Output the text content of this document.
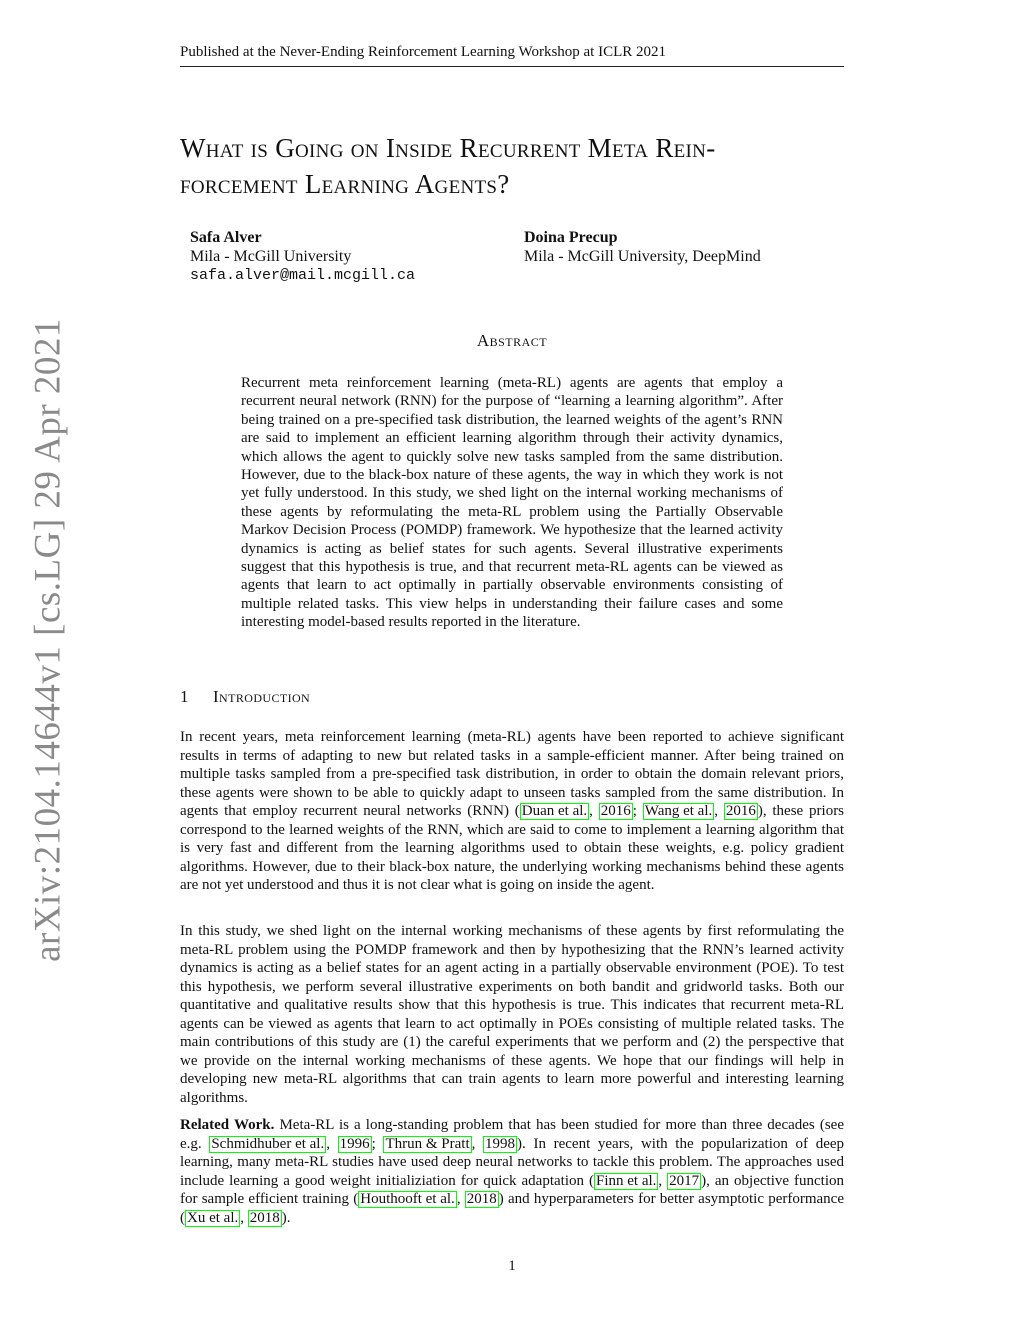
Published at the Never-Ending Reinforcement Learning Workshop at ICLR 2021
What is Going on Inside Recurrent Meta Rein-
forcement Learning Agents?
Safa Alver
Mila - McGill University
safa.alver@mail.mcgill.ca
Doina Precup
Mila - McGill University, DeepMind
Abstract
Recurrent meta reinforcement learning (meta-RL) agents are agents that employ a recurrent neural network (RNN) for the purpose of “learning a learning algorithm”. After being trained on a pre-specified task distribution, the learned weights of the agent’s RNN are said to implement an efficient learning algorithm through their activity dynamics, which allows the agent to quickly solve new tasks sampled from the same distribution. However, due to the black-box nature of these agents, the way in which they work is not yet fully understood. In this study, we shed light on the internal working mechanisms of these agents by reformulating the meta-RL problem using the Partially Observable Markov Decision Process (POMDP) framework. We hypothesize that the learned activity dynamics is acting as belief states for such agents. Several illustrative experiments suggest that this hypothesis is true, and that recurrent meta-RL agents can be viewed as agents that learn to act optimally in partially observable environments consisting of multiple related tasks. This view helps in understanding their failure cases and some interesting model-based results reported in the literature.
1 Introduction

In recent years, meta reinforcement learning (meta-RL) agents have been reported to achieve significant results in terms of adapting to new but related tasks in a sample-efficient manner. After being trained on multiple tasks sampled from a pre-specified task distribution, in order to obtain the domain relevant priors, these agents were shown to be able to quickly adapt to unseen tasks sampled from the same distribution. In agents that employ recurrent neural networks (RNN) ( Duan et al. , 2016 ; Wang et al. , 2016 ), these priors correspond to the learned weights of the RNN, which are said to come to implement a learning algorithm that is very fast and different from the learning algorithms used to obtain these weights, e.g. policy gradient algorithms. However, due to their black-box nature, the underlying working mechanisms behind these agents are not yet understood and thus it is not clear what is going on inside the agent.

In this study, we shed light on the internal working mechanisms of these agents by first reformulating the meta-RL problem using the POMDP framework and then by hypothesizing that the RNN’s learned activity dynamics is acting as a belief states for an agent acting in a partially observable environment (POE). To test this hypothesis, we perform several illustrative experiments on both bandit and gridworld tasks. Both our quantitative and qualitative results show that this hypothesis is true. This indicates that recurrent meta-RL agents can be viewed as agents that learn to act optimally in POEs consisting of multiple related tasks. The main contributions of this study are (1) the careful experiments that we perform and (2) the perspective that we provide on the internal working mechanisms of these agents. We hope that our findings will help in developing new meta-RL algorithms that can train agents to learn more powerful and interesting learning algorithms.

Related Work. Meta-RL is a long-standing problem that has been studied for more than three decades (see e.g. Schmidhuber et al. , 1996 ; Thrun & Pratt , 1998 ). In recent years, with the popularization of deep learning, many meta-RL studies have used deep neural networks to tackle this problem. The approaches used include learning a good weight initializiation for quick adaptation ( Finn et al. , 2017 ), an objective function for sample efficient training ( Houthooft et al. , 2018 ) and hyperparameters for better asymptotic performance ( Xu et al. , 2018 ).

1
arXiv:2104.14644v1 [cs.LG] 29 Apr 2021
